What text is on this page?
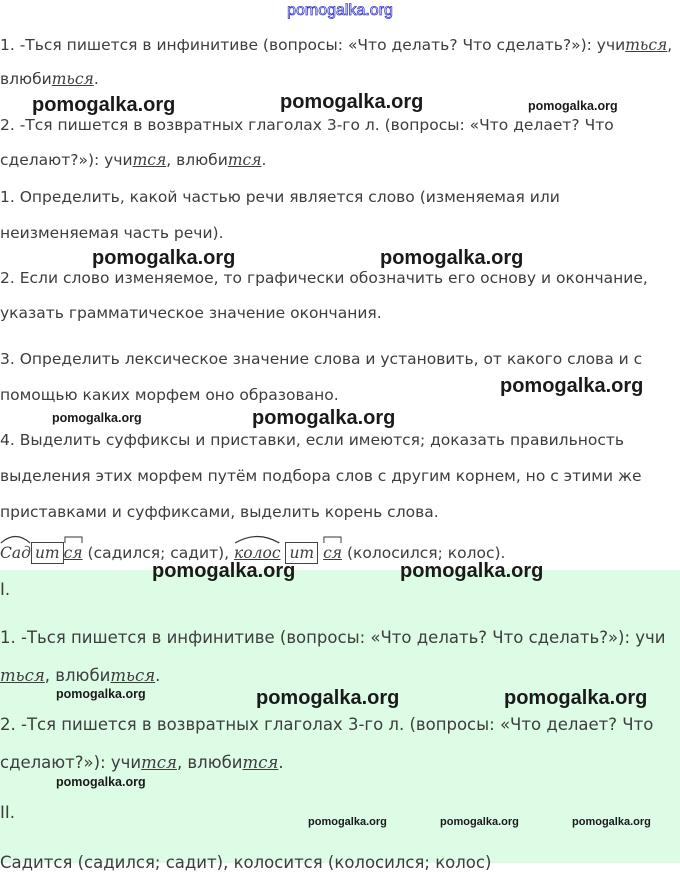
pomogalka.org
1. -Ться пишется в инфинитиве (вопросы: «Что делать? Что сделать?»): учиться,
влюбиться.
2. -Тся пишется в возвратных глаголах 3-го л. (вопросы: «Что делает? Что
сделают?»): учится, влюбится.
1. Определить, какой частью речи является слово (изменяемая или
неизменяемая часть речи).
2. Если слово изменяемое, то графически обозначить его основу и окончание,
указать грамматическое значение окончания.
3. Определить лексическое значение слова и установить, от какого слова и с
помощью каких морфем оно образовано.
4. Выделить суффиксы и приставки, если имеются; доказать правильность
выделения этих морфем путём подбора слов с другим корнем, но с этими же
приставками и суффиксами, выделить корень слова.
Сад ит ся (садился; садит), колос ит ся (колосился; колос).
I.
1. -Ться пишется в инфинитиве (вопросы: «Что делать? Что сделать?»): учи
ться, влюбиться.
2. -Тся пишется в возвратных глаголах 3-го л. (вопросы: «Что делает? Что
сделают?»): учится, влюбится.
II.
Садится (садился; садит), колосится (колосился; колос)
pomogalka.org	pomogalka.org	pomogalka.org
pomogalka.org	pomogalka.org
pomogalka.org
pomogalka.org	pomogalka.org
pomogalka.org	pomogalka.org
pomogalka.org	pomogalka.org	pomogalka.org
pomogalka.org
pomogalka.org	pomogalka.org	pomogalka.org
